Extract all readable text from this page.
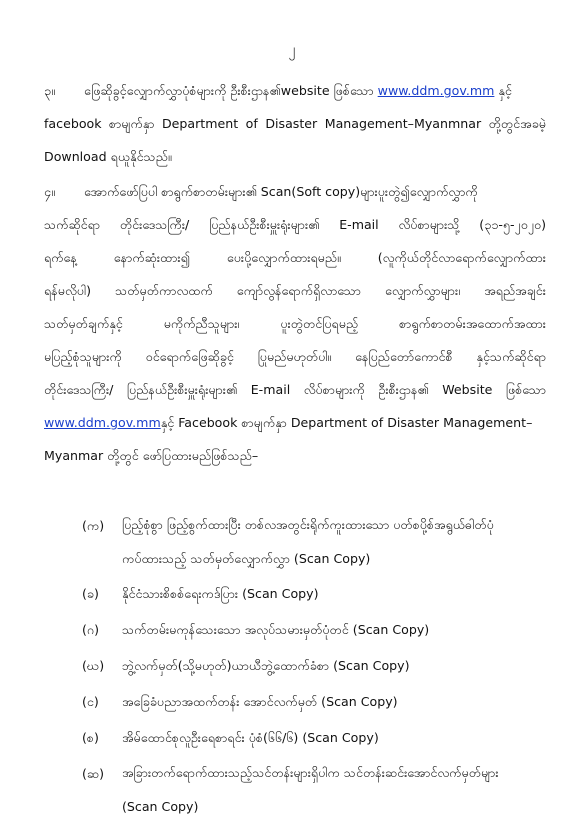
၂
၃။ ဖြေဆိုခွင့်လျှောက်လွှာပုံစံများကို ဦးစီးဌာန၏website ဖြစ်သော www.ddm.gov.mm နှင့်
facebook စာမျက်နှာ Department of Disaster Management–Myanmnar တို့တွင်အခမဲ့
Download ရယူနိုင်သည်။
၄။ အောက်ဖော်ပြပါ စာရွက်စာတမ်းများ၏ Scan(Soft copy)များပူးတွဲ၍လျှောက်လွှာကို
သက်ဆိုင်ရာ တိုင်းဒေသကြီး/ ပြည်နယ်ဦးစီးမှူးရုံးများ၏ E-mail လိပ်စာများသို့ (၃၁-၅-၂၀၂၀)
ရက်နေ့ နောက်ဆုံးထား၍ ပေးပို့လျှောက်ထားရမည်။ (လူကိုယ်တိုင်လာရောက်လျှောက်ထား
ရန်မလိုပါ) သတ်မှတ်ကာလထက် ကျော်လွန်ရောက်ရှိလာသော လျှောက်လွှာများ၊ အရည်အချင်း
သတ်မှတ်ချက်နှင့် မကိုက်ညီသူများ၊ ပူးတွဲတင်ပြရမည့် စာရွက်စာတမ်းအထောက်အထား
မပြည့်စုံသူများကို ဝင်ရောက်ဖြေဆိုခွင့် ပြုမည်မဟုတ်ပါ။ နေပြည်တော်ကောင်စီ နှင့်သက်ဆိုင်ရာ
တိုင်းဒေသကြီး/ ပြည်နယ်ဦးစီးမှူးရုံးများ၏ E-mail လိပ်စာများကို ဦးစီးဌာန၏ Website ဖြစ်သော
www.ddm.gov.mmနှင့် Facebook စာမျက်နှာ Department of Disaster Management–
Myanmar တို့တွင် ဖော်ပြထားမည်ဖြစ်သည်–
(က)	ပြည့်စုံစွာ ဖြည့်စွက်ထားပြီး တစ်လအတွင်းရိုက်ကူးထားသော ပတ်စပို့စ်အရွယ်ဓါတ်ပုံ
ကပ်ထားသည့် သတ်မှတ်လျှောက်လွှာ (Scan Copy)
(ခ)	နိုင်ငံသားစိစစ်ရေးကဒ်ပြား (Scan Copy)
(ဂ)	သက်တမ်းမကုန်သေးသော အလုပ်သမားမှတ်ပုံတင် (Scan Copy)
(ဃ)	ဘွဲ့လက်မှတ်(သို့မဟုတ်)ယာယီဘွဲ့ထောက်ခံစာ (Scan Copy)
(င)	အခြေခံပညာအထက်တန်း အောင်လက်မှတ် (Scan Copy)
(စ)	အိမ်ထောင်စုလူဦးရေစာရင်း ပုံစံ(၆၆/၆) (Scan Copy)
(ဆ)	အခြားတက်ရောက်ထားသည့်သင်တန်းများရှိပါက သင်တန်းဆင်းအောင်လက်မှတ်များ
(Scan Copy)
